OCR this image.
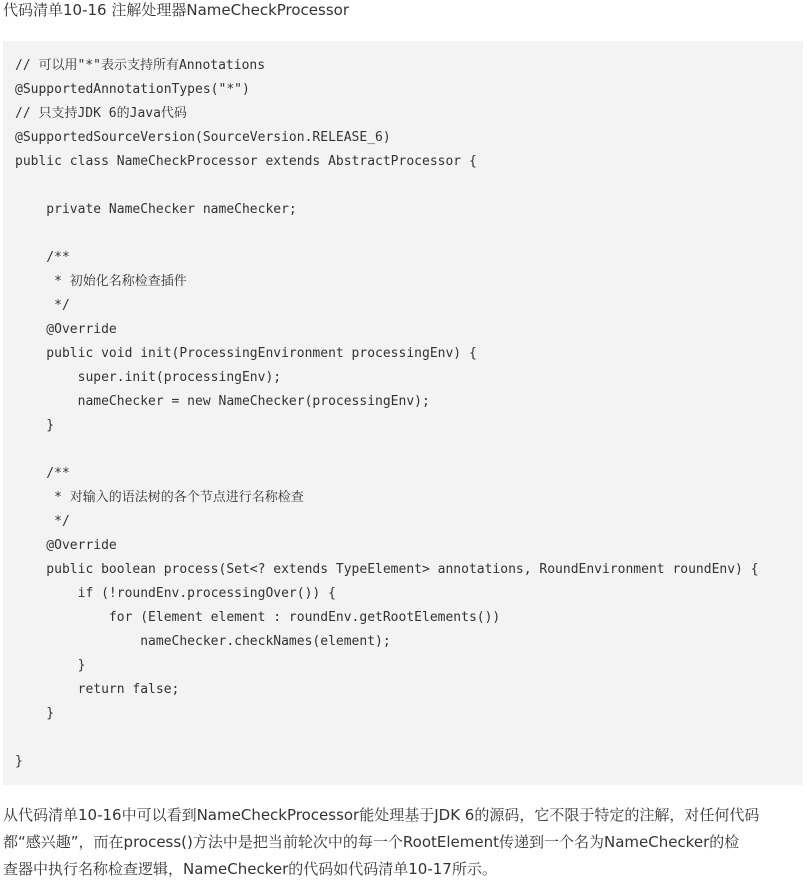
代码清单10-16 注解处理器NameCheckProcessor
// 可以用"*"表示支持所有Annotations
@SupportedAnnotationTypes("*")
// 只支持JDK 6的Java代码
@SupportedSourceVersion(SourceVersion.RELEASE_6)
public class NameCheckProcessor extends AbstractProcessor {
private NameChecker nameChecker;
/**
* 初始化名称检查插件
*/
@Override
public void init(ProcessingEnvironment processingEnv) {
super.init(processingEnv);
nameChecker = new NameChecker(processingEnv);
}
/**
* 对输入的语法树的各个节点进行名称检查
*/
@Override
public boolean process(Set<? extends TypeElement> annotations, RoundEnvironment roundEnv) {
if (!roundEnv.processingOver()) {
for (Element element : roundEnv.getRootElements())
nameChecker.checkNames(element);
}
return false;
}
}

从代码清单10-16中可以看到NameCheckProcessor能处理基于JDK 6的源码，它不限于特定的注解，对任何代码
都“感兴趣”，而在process()方法中是把当前轮次中的每一个RootElement传递到一个名为NameChecker的检
查器中执行名称检查逻辑，NameChecker的代码如代码清单10-17所示。
